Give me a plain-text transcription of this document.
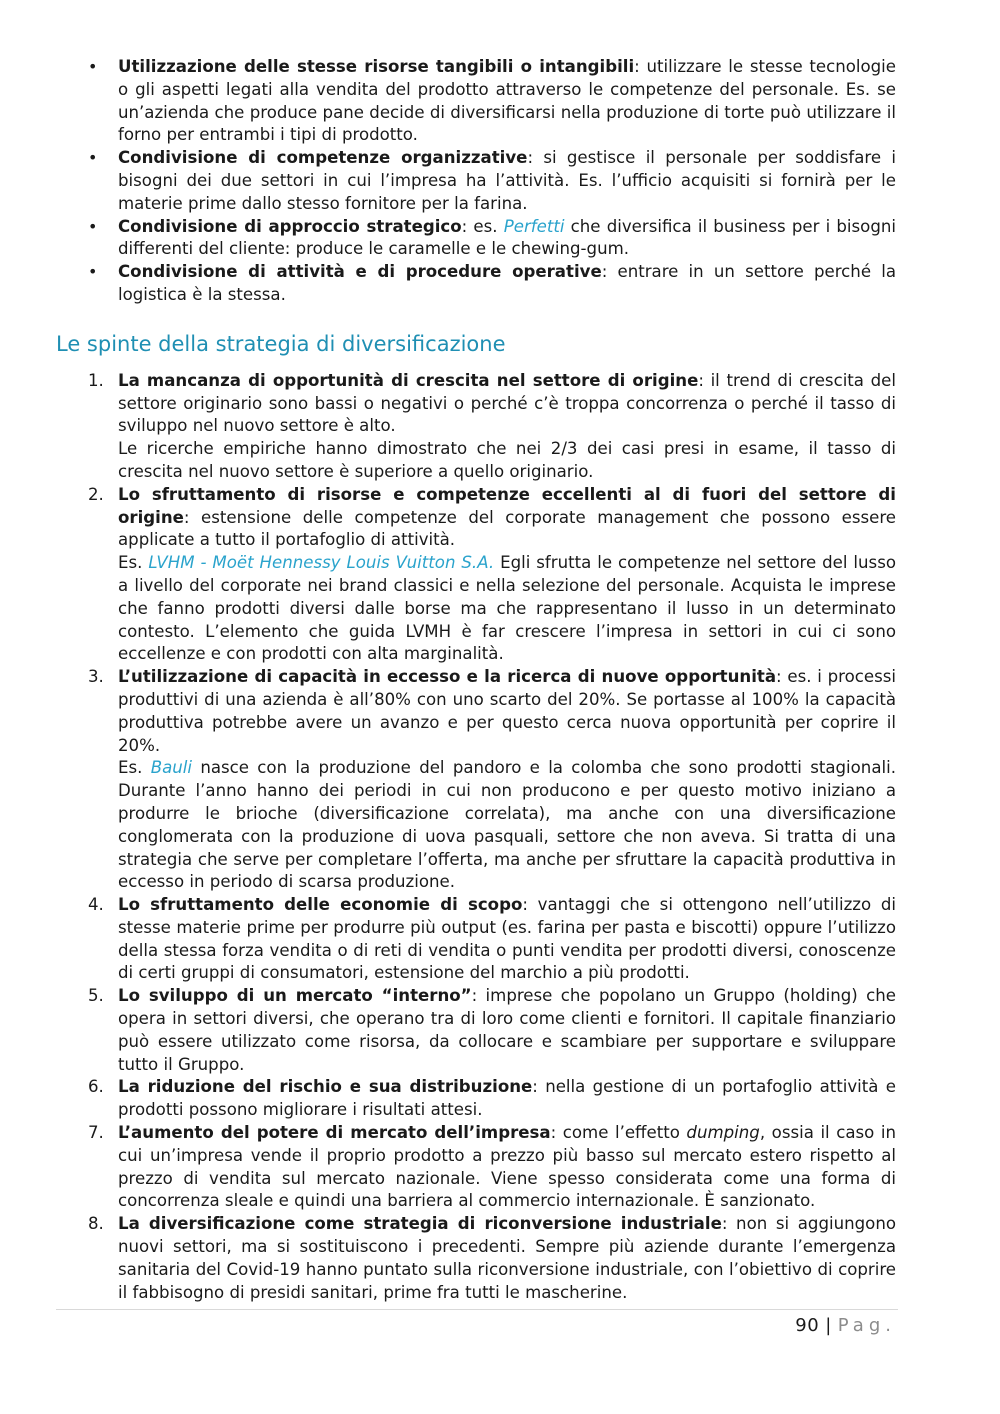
• Utilizzazione delle stesse risorse tangibili o intangibili: utilizzare le stesse tecnologie o gli aspetti legati alla vendita del prodotto attraverso le competenze del personale. Es. se un’azienda che produce pane decide di diversificarsi nella produzione di torte può utilizzare il forno per entrambi i tipi di prodotto.
• Condivisione di competenze organizzative: si gestisce il personale per soddisfare i bisogni dei due settori in cui l’impresa ha l’attività. Es. l’ufficio acquisiti si fornirà per le materie prime dallo stesso fornitore per la farina.
• Condivisione di approccio strategico: es. Perfetti che diversifica il business per i bisogni differenti del cliente: produce le caramelle e le chewing-gum.
• Condivisione di attività e di procedure operative: entrare in un settore perché la logistica è la stessa.
Le spinte della strategia di diversificazione
1. La mancanza di opportunità di crescita nel settore di origine: il trend di crescita del settore originario sono bassi o negativi o perché c’è troppa concorrenza o perché il tasso di sviluppo nel nuovo settore è alto.

Le ricerche empiriche hanno dimostrato che nei 2/3 dei casi presi in esame, il tasso di crescita nel nuovo settore è superiore a quello originario.

2. Lo sfruttamento di risorse e competenze eccellenti al di fuori del settore di origine: estensione delle competenze del corporate management che possono essere applicate a tutto il portafoglio di attività.

Es. LVHM - Moët Hennessy Louis Vuitton S.A. Egli sfrutta le competenze nel settore del lusso a livello del corporate nei brand classici e nella selezione del personale. Acquista le imprese che fanno prodotti diversi dalle borse ma che rappresentano il lusso in un determinato contesto. L’elemento che guida LVMH è far crescere l’impresa in settori in cui ci sono eccellenze e con prodotti con alta marginalità.

3. L’utilizzazione di capacità in eccesso e la ricerca di nuove opportunità: es. i processi produttivi di una azienda è all’80% con uno scarto del 20%. Se portasse al 100% la capacità produttiva potrebbe avere un avanzo e per questo cerca nuova opportunità per coprire il 20%.

Es. Bauli nasce con la produzione del pandoro e la colomba che sono prodotti stagionali. Durante l’anno hanno dei periodi in cui non producono e per questo motivo iniziano a produrre le brioche (diversificazione correlata), ma anche con una diversificazione conglomerata con la produzione di uova pasquali, settore che non aveva. Si tratta di una strategia che serve per completare l’offerta, ma anche per sfruttare la capacità produttiva in eccesso in periodo di scarsa produzione.

4. Lo sfruttamento delle economie di scopo: vantaggi che si ottengono nell’utilizzo di stesse materie prime per produrre più output (es. farina per pasta e biscotti) oppure l’utilizzo della stessa forza vendita o di reti di vendita o punti vendita per prodotti diversi, conoscenze di certi gruppi di consumatori, estensione del marchio a più prodotti.

5. Lo sviluppo di un mercato “interno”: imprese che popolano un Gruppo (holding) che opera in settori diversi, che operano tra di loro come clienti e fornitori. Il capitale finanziario può essere utilizzato come risorsa, da collocare e scambiare per supportare e sviluppare tutto il Gruppo.

6. La riduzione del rischio e sua distribuzione: nella gestione di un portafoglio attività e prodotti possono migliorare i risultati attesi.

7. L’aumento del potere di mercato dell’impresa: come l’effetto dumping, ossia il caso in cui un’impresa vende il proprio prodotto a prezzo più basso sul mercato estero rispetto al prezzo di vendita sul mercato nazionale. Viene spesso considerata come una forma di concorrenza sleale e quindi una barriera al commercio internazionale. È sanzionato.

8. La diversificazione come strategia di riconversione industriale: non si aggiungono nuovi settori, ma si sostituiscono i precedenti. Sempre più aziende durante l’emergenza sanitaria del Covid-19 hanno puntato sulla riconversione industriale, con l’obiettivo di coprire il fabbisogno di presidi sanitari, prime fra tutti le mascherine.

90 | Pag.
